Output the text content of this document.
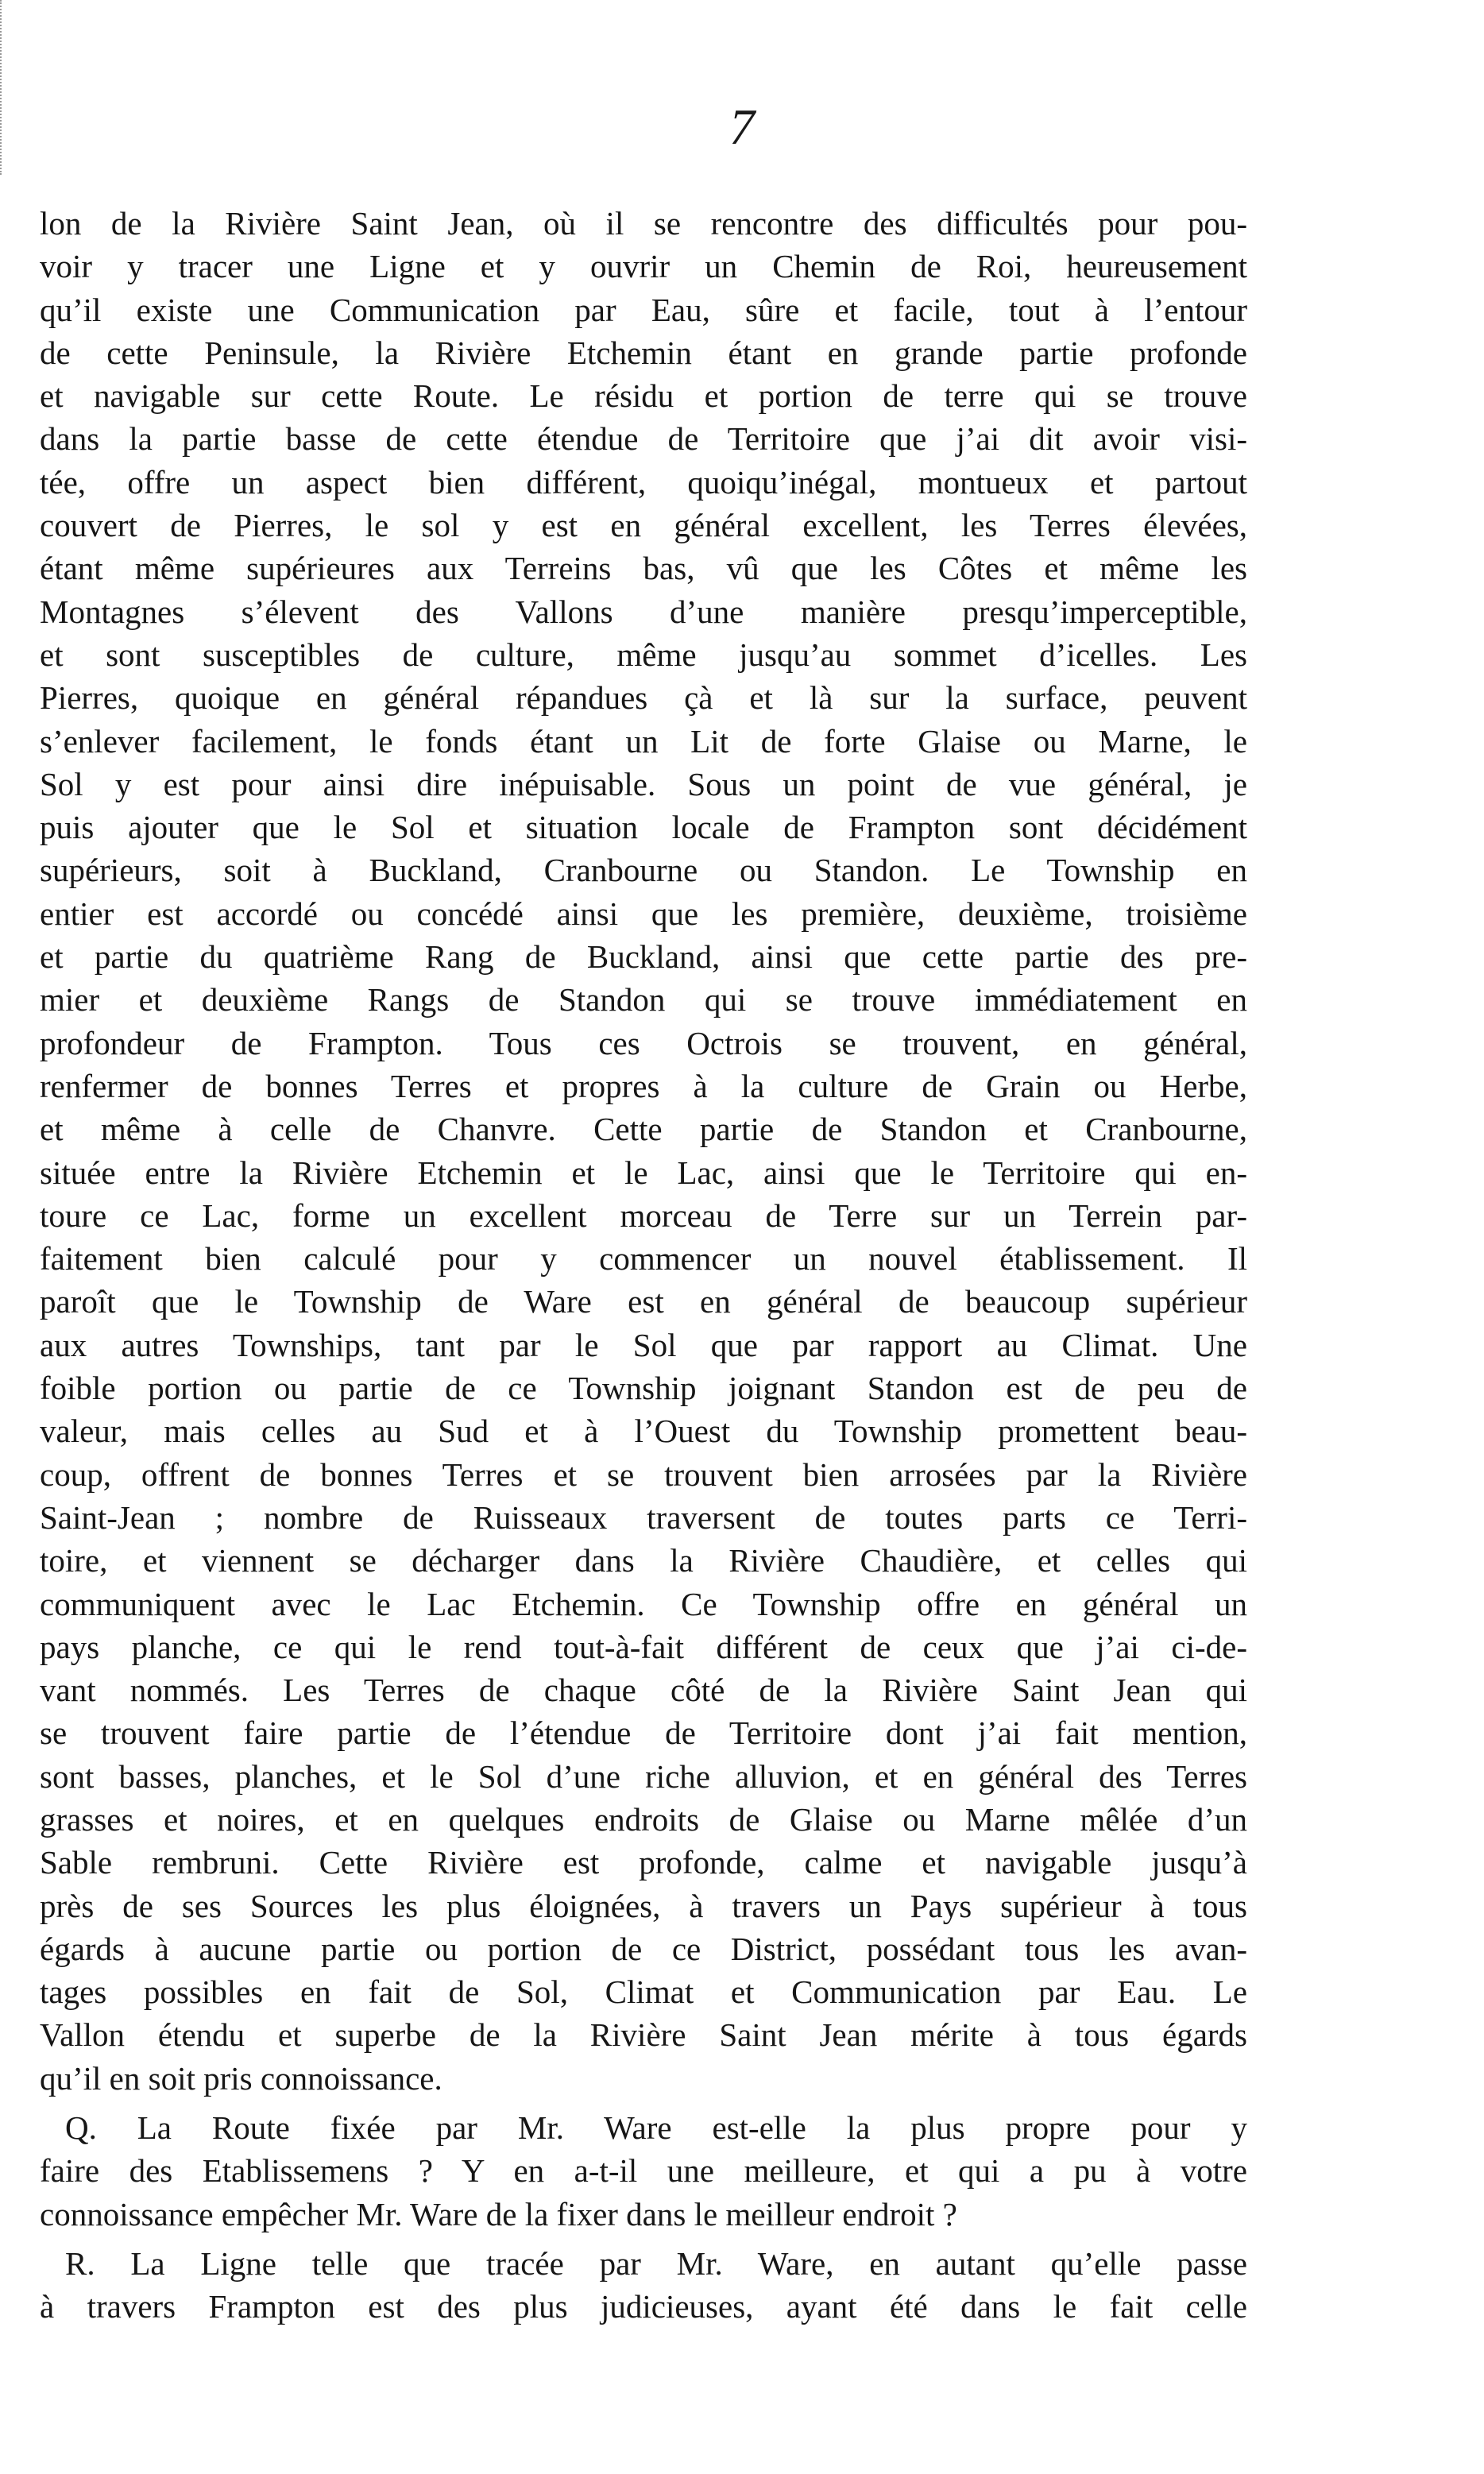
7
lon de la Rivière Saint Jean, où il se rencontre des difficultés pour pou-
voir y tracer une Ligne et y ouvrir un Chemin de Roi, heureusement
qu’il existe une Communication par Eau, sûre et facile, tout à l’entour
de cette Peninsule, la Rivière Etchemin étant en grande partie profonde
et navigable sur cette Route. Le résidu et portion de terre qui se trouve
dans la partie basse de cette étendue de Territoire que j’ai dit avoir visi-
tée, offre un aspect bien différent, quoiqu’inégal, montueux et partout
couvert de Pierres, le sol y est en général excellent, les Terres élevées,
étant même supérieures aux Terreins bas, vû que les Côtes et même les
Montagnes s’élevent des Vallons d’une manière presqu’imperceptible,
et sont susceptibles de culture, même jusqu’au sommet d’icelles. Les
Pierres, quoique en général répandues çà et là sur la surface, peuvent
s’enlever facilement, le fonds étant un Lit de forte Glaise ou Marne, le
Sol y est pour ainsi dire inépuisable. Sous un point de vue général, je
puis ajouter que le Sol et situation locale de Frampton sont décidément
supérieurs, soit à Buckland, Cranbourne ou Standon. Le Township en
entier est accordé ou concédé ainsi que les première, deuxième, troisième
et partie du quatrième Rang de Buckland, ainsi que cette partie des pre-
mier et deuxième Rangs de Standon qui se trouve immédiatement en
profondeur de Frampton. Tous ces Octrois se trouvent, en général,
renfermer de bonnes Terres et propres à la culture de Grain ou Herbe,
et même à celle de Chanvre. Cette partie de Standon et Cranbourne,
située entre la Rivière Etchemin et le Lac, ainsi que le Territoire qui en-
toure ce Lac, forme un excellent morceau de Terre sur un Terrein par-
faitement bien calculé pour y commencer un nouvel établissement. Il
paroît que le Township de Ware est en général de beaucoup supérieur
aux autres Townships, tant par le Sol que par rapport au Climat. Une
foible portion ou partie de ce Township joignant Standon est de peu de
valeur, mais celles au Sud et à l’Ouest du Township promettent beau-
coup, offrent de bonnes Terres et se trouvent bien arrosées par la Rivière
Saint-Jean ; nombre de Ruisseaux traversent de toutes parts ce Terri-
toire, et viennent se décharger dans la Rivière Chaudière, et celles qui
communiquent avec le Lac Etchemin. Ce Township offre en général un
pays planche, ce qui le rend tout-à-fait différent de ceux que j’ai ci-de-
vant nommés. Les Terres de chaque côté de la Rivière Saint Jean qui
se trouvent faire partie de l’étendue de Territoire dont j’ai fait mention,
sont basses, planches, et le Sol d’une riche alluvion, et en général des Terres
grasses et noires, et en quelques endroits de Glaise ou Marne mêlée d’un
Sable rembruni. Cette Rivière est profonde, calme et navigable jusqu’à
près de ses Sources les plus éloignées, à travers un Pays supérieur à tous
égards à aucune partie ou portion de ce District, possédant tous les avan-
tages possibles en fait de Sol, Climat et Communication par Eau. Le
Vallon étendu et superbe de la Rivière Saint Jean mérite à tous égards
qu’il en soit pris connoissance.
Q. La Route fixée par Mr. Ware est-elle la plus propre pour y
faire des Etablissemens ? Y en a-t-il une meilleure, et qui a pu à votre
connoissance empêcher Mr. Ware de la fixer dans le meilleur endroit ?
R. La Ligne telle que tracée par Mr. Ware, en autant qu’elle passe
à travers Frampton est des plus judicieuses, ayant été dans le fait celle
